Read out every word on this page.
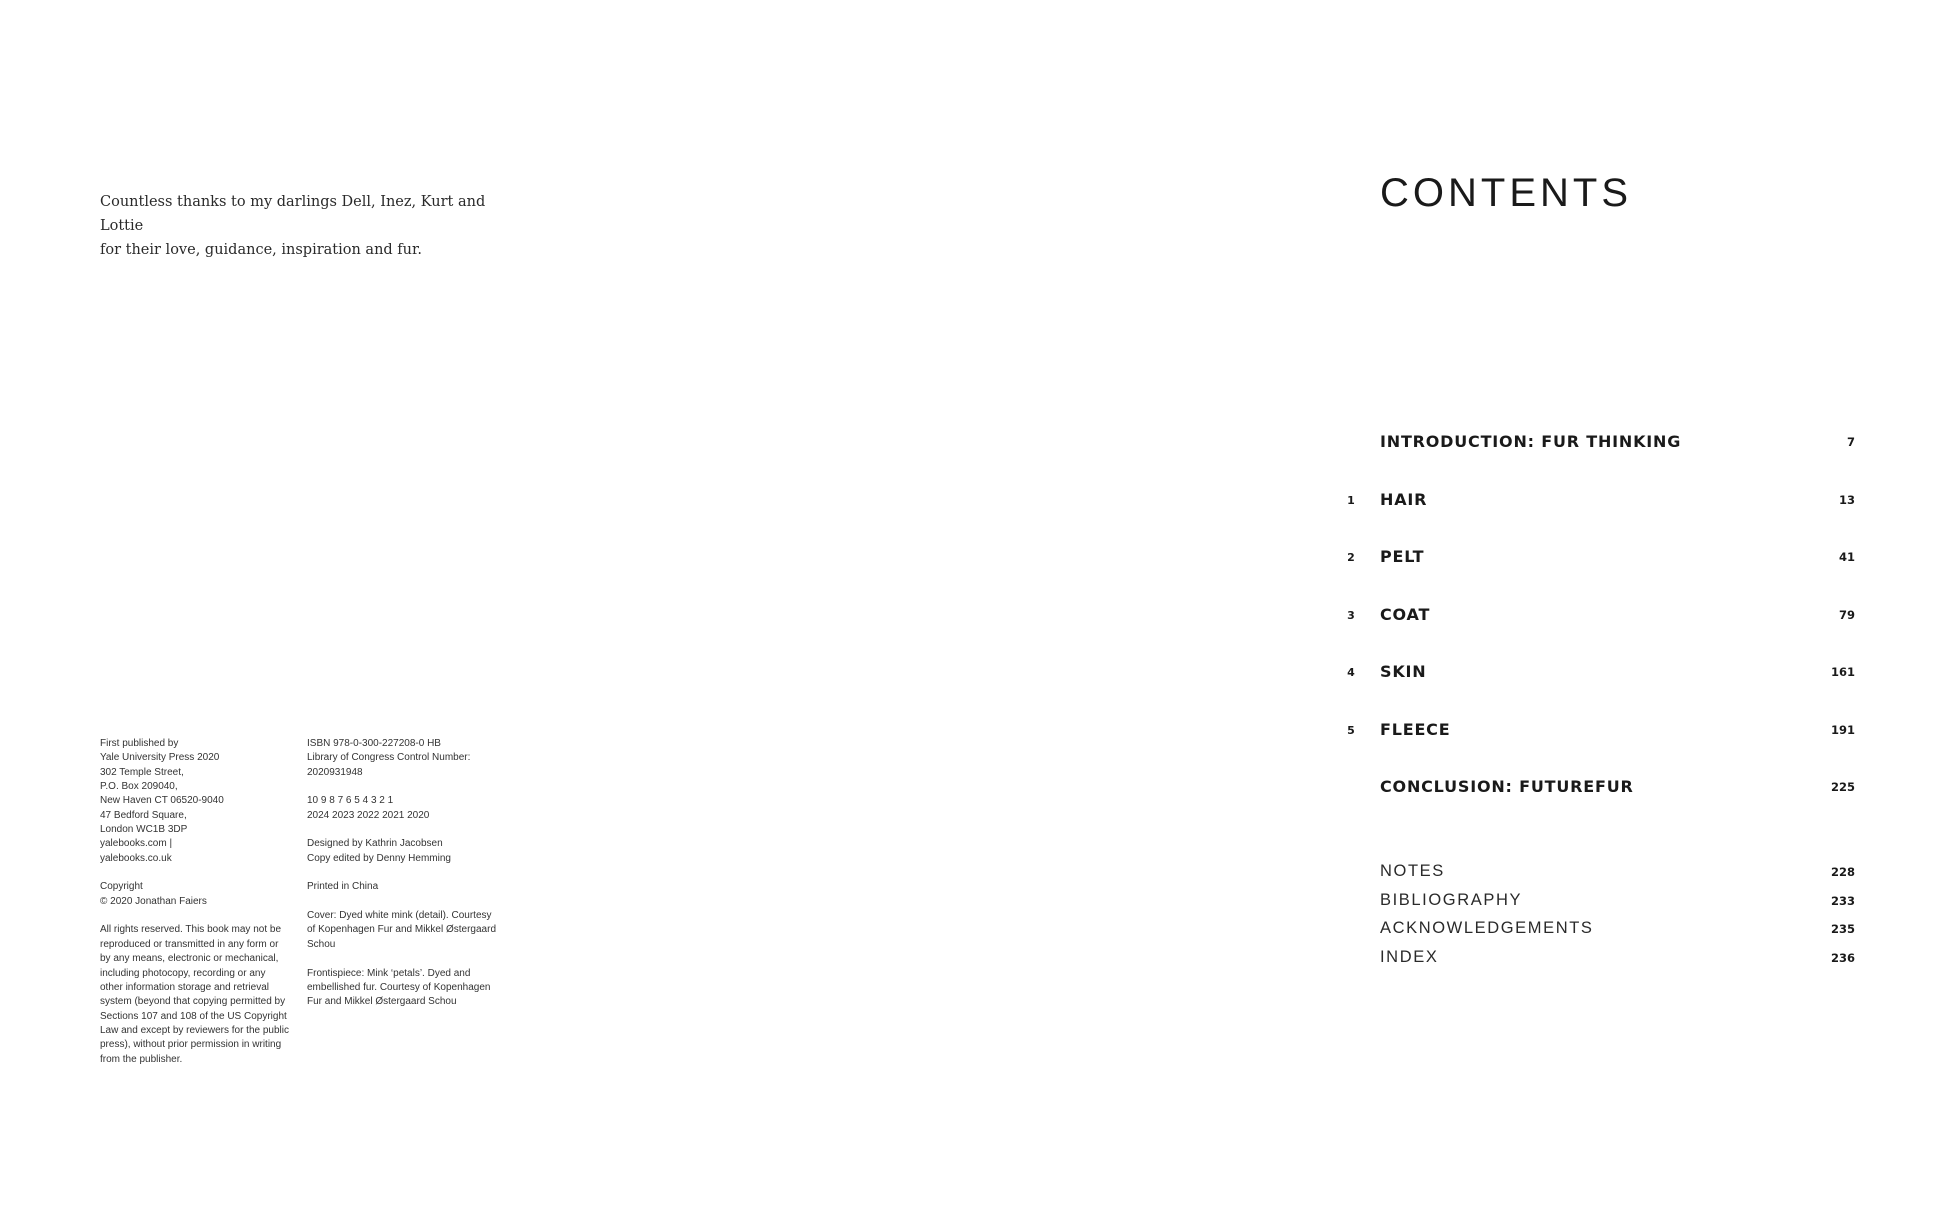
Countless thanks to my darlings Dell, Inez, Kurt and Lottie

for their love, guidance, inspiration and fur.

First published by

Yale University Press 2020

302 Temple Street,

P.O. Box 209040,

New Haven CT 06520-9040

47 Bedford Square,

London WC1B 3DP

yalebooks.com |

yalebooks.co.uk

Copyright

© 2020 Jonathan Faiers

All rights reserved. This book may not be

reproduced or transmitted in any form or

by any means, electronic or mechanical,

including photocopy, recording or any

other information storage and retrieval

system (beyond that copying permitted by

Sections 107 and 108 of the US Copyright

Law and except by reviewers for the public

press), without prior permission in writing

from the publisher.

ISBN 978-0-300-227208-0 HB

Library of Congress Control Number:

2020931948

10 9 8 7 6 5 4 3 2 1

2024 2023 2022 2021 2020

Designed by Kathrin Jacobsen

Copy edited by Denny Hemming

Printed in China

Cover: Dyed white mink (detail). Courtesy

of Kopenhagen Fur and Mikkel Østergaard

Schou

Frontispiece: Mink ‘petals’. Dyed and

embellished fur. Courtesy of Kopenhagen

Fur and Mikkel Østergaard Schou

CONTENTS
INTRODUCTION: FUR THINKING	7
1	HAIR	13
2	PELT	41
3	COAT	79
4	SKIN	161
5	FLEECE	191
CONCLUSION: FUTUREFUR	225
NOTES	228
BIBLIOGRAPHY	233
ACKNOWLEDGEMENTS	235
INDEX	236
